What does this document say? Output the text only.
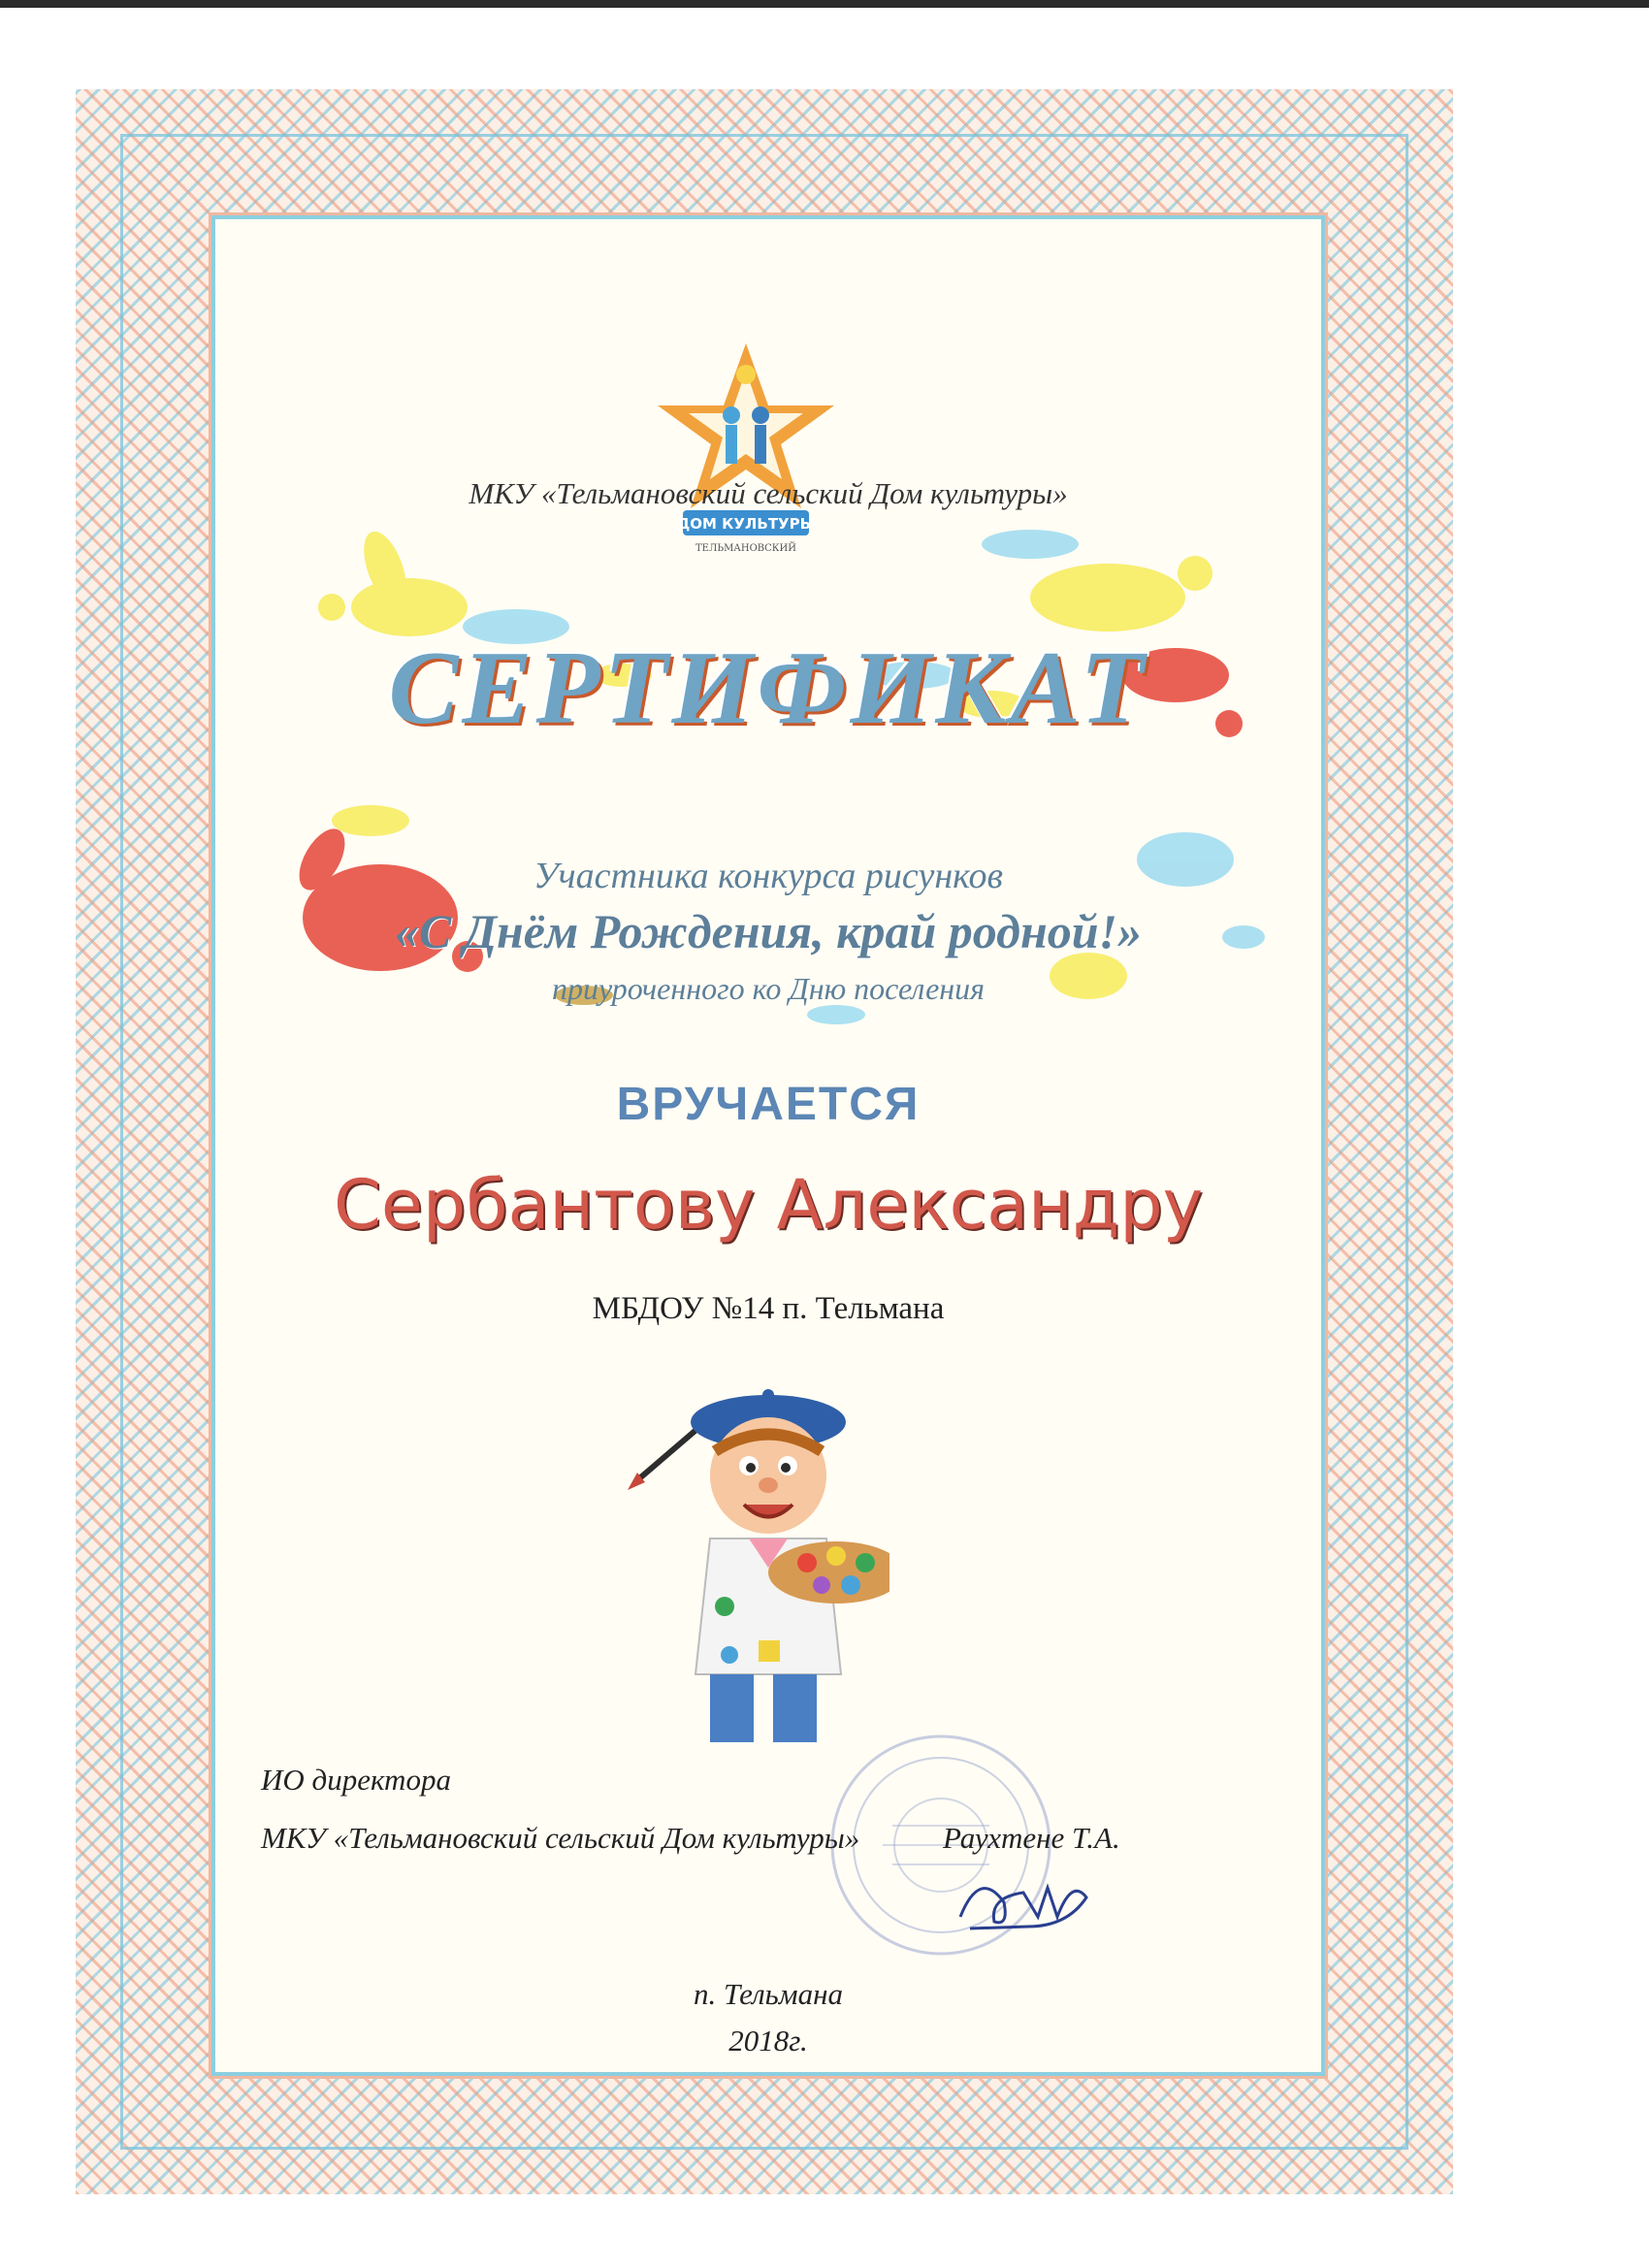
ДОМ КУЛЬТУРЫ
ТЕЛЬМАНОВСКИЙ

МКУ «Тельмановский сельский Дом культуры»

СЕРТИФИКАТ

Участника конкурса рисунков

«С Днём Рождения, край родной!»

приуроченного ко Дню поселения

ВРУЧАЕТСЯ

Сербантову Александру

МБДОУ №14 п. Тельмана

ИО директора

МКУ «Тельмановский сельский Дом культуры»	Раухтене Т.А.

п. Тельмана

2018г.
